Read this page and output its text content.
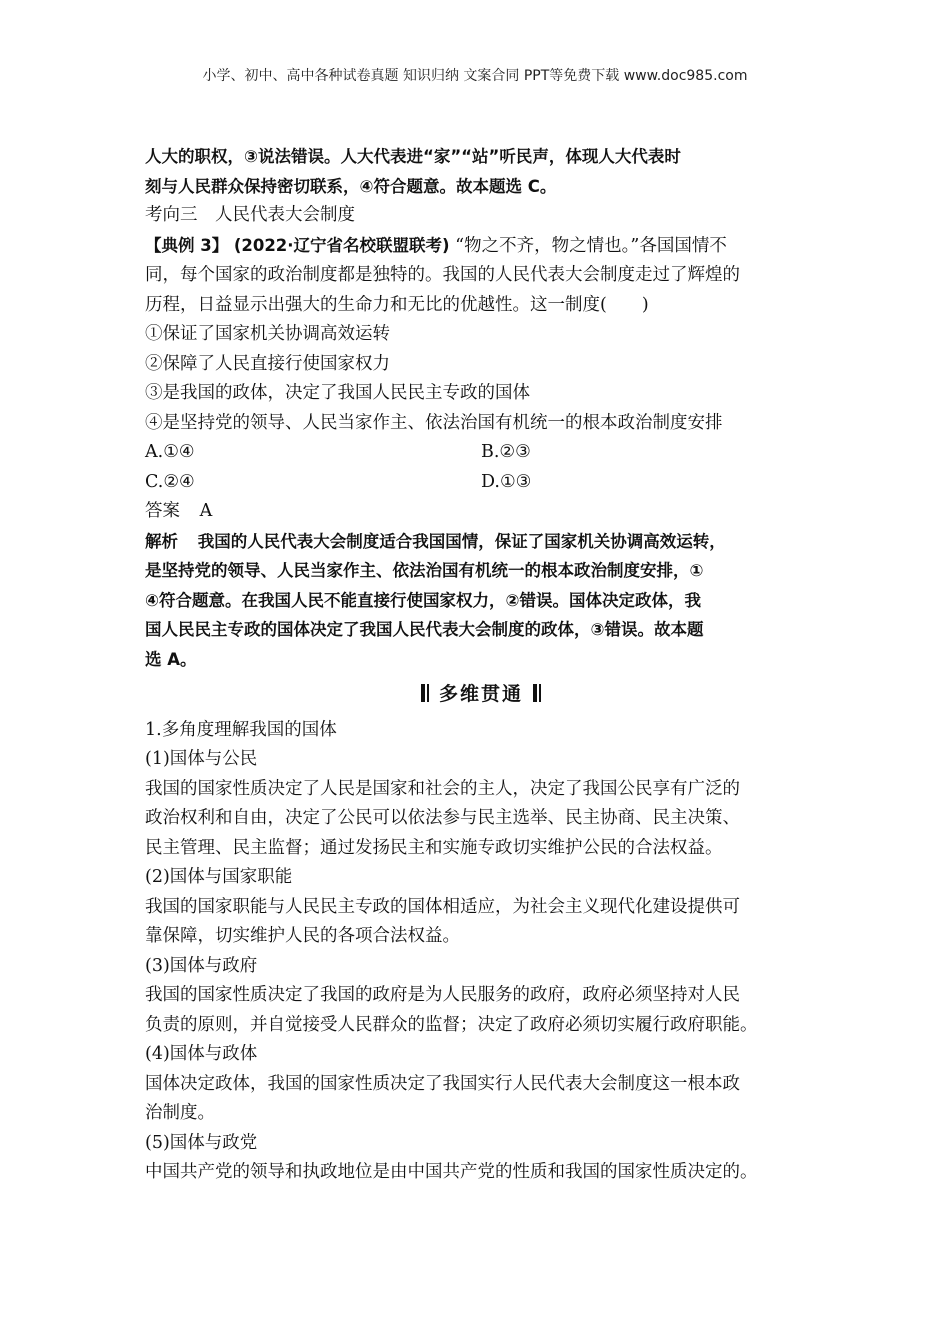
小学、初中、高中各种试卷真题 知识归纳 文案合同 PPT等免费下载 www.doc985.com
人大的职权，③说法错误。人大代表进“家”“站”听民声，体现人大代表时
刻与人民群众保持密切联系，④符合题意。故本题选 C。
考向三　人民代表大会制度
【典例 3】 (2022·辽宁省名校联盟联考) “物之不齐，物之情也。”各国国情不
同，每个国家的政治制度都是独特的。我国的人民代表大会制度走过了辉煌的
历程，日益显示出强大的生命力和无比的优越性。这一制度(　　)
①保证了国家机关协调高效运转
②保障了人民直接行使国家权力
③是我国的政体，决定了我国人民民主专政的国体
④是坚持党的领导、人民当家作主、依法治国有机统一的根本政治制度安排
A.①④	B.②③
C.②④	D.①③
答案 A
解析 我国的人民代表大会制度适合我国国情，保证了国家机关协调高效运转，
是坚持党的领导、人民当家作主、依法治国有机统一的根本政治制度安排，①
④符合题意。在我国人民不能直接行使国家权力，②错误。国体决定政体，我
国人民民主专政的国体决定了我国人民代表大会制度的政体，③错误。故本题
选 A。
多维贯通
1.多角度理解我国的国体
(1)国体与公民
我国的国家性质决定了人民是国家和社会的主人，决定了我国公民享有广泛的
政治权利和自由，决定了公民可以依法参与民主选举、民主协商、民主决策、
民主管理、民主监督；通过发扬民主和实施专政切实维护公民的合法权益。
(2)国体与国家职能
我国的国家职能与人民民主专政的国体相适应，为社会主义现代化建设提供可
靠保障，切实维护人民的各项合法权益。
(3)国体与政府
我国的国家性质决定了我国的政府是为人民服务的政府，政府必须坚持对人民
负责的原则，并自觉接受人民群众的监督；决定了政府必须切实履行政府职能。
(4)国体与政体
国体决定政体，我国的国家性质决定了我国实行人民代表大会制度这一根本政
治制度。
(5)国体与政党
中国共产党的领导和执政地位是由中国共产党的性质和我国的国家性质决定的。
